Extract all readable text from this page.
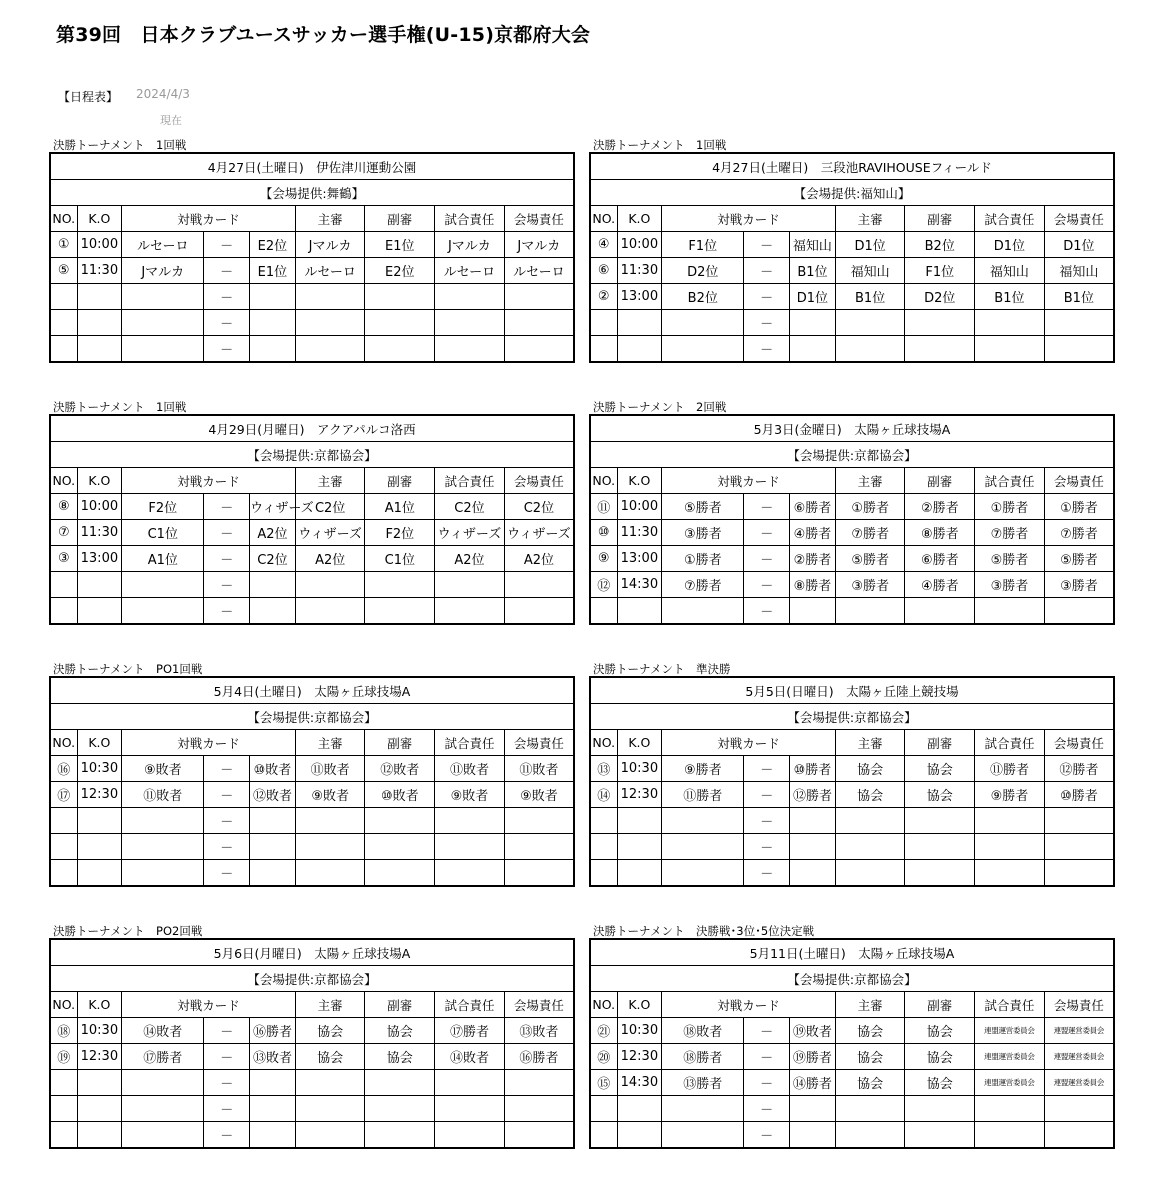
第39回　日本クラブユースサッカー選手権(U-15)京都府大会
【日程表】 2024/4/3
現在
決勝トーナメント　1回戦
4月27日(土曜日)　伊佐津川運動公園								
【会場提供:舞鶴】								
NO.	K.O	対戦カード			主審	副審	試合責任	会場責任
①	10:00	ルセーロ	－	E2位	Jマルカ	E1位	Jマルカ	Jマルカ
⑤	11:30	Jマルカ	－	E1位	ルセーロ	E2位	ルセーロ	ルセーロ
			－					
			－					
			－					
決勝トーナメント　1回戦
4月27日(土曜日)　三段池RAVIHOUSEフィールド								
【会場提供:福知山】								
NO.	K.O	対戦カード			主審	副審	試合責任	会場責任
④	10:00	F1位	－	福知山	D1位	B2位	D1位	D1位
⑥	11:30	D2位	－	B1位	福知山	F1位	福知山	福知山
②	13:00	B2位	－	D1位	B1位	D2位	B1位	B1位
			－					
			－					
決勝トーナメント　1回戦
4月29日(月曜日)　アクアパルコ洛西								
【会場提供:京都協会】								
NO.	K.O	対戦カード			主審	副審	試合責任	会場責任
⑧	10:00	F2位	－	ウィザーズ	C2位	A1位	C2位	C2位
⑦	11:30	C1位	－	A2位	ウィザーズ	F2位	ウィザーズ	ウィザーズ
③	13:00	A1位	－	C2位	A2位	C1位	A2位	A2位
			－					
			－					
決勝トーナメント　2回戦
5月3日(金曜日)　太陽ヶ丘球技場A								
【会場提供:京都協会】								
NO.	K.O	対戦カード			主審	副審	試合責任	会場責任
⑪	10:00	⑤勝者	－	⑥勝者	①勝者	②勝者	①勝者	①勝者
⑩	11:30	③勝者	－	④勝者	⑦勝者	⑧勝者	⑦勝者	⑦勝者
⑨	13:00	①勝者	－	②勝者	⑤勝者	⑥勝者	⑤勝者	⑤勝者
⑫	14:30	⑦勝者	－	⑧勝者	③勝者	④勝者	③勝者	③勝者
			－					
決勝トーナメント　PO1回戦
5月4日(土曜日)　太陽ヶ丘球技場A								
【会場提供:京都協会】								
NO.	K.O	対戦カード			主審	副審	試合責任	会場責任
⑯	10:30	⑨敗者	－	⑩敗者	⑪敗者	⑫敗者	⑪敗者	⑪敗者
⑰	12:30	⑪敗者	－	⑫敗者	⑨敗者	⑩敗者	⑨敗者	⑨敗者
			－					
			－					
			－					
決勝トーナメント　準決勝
5月5日(日曜日)　太陽ヶ丘陸上競技場								
【会場提供:京都協会】								
NO.	K.O	対戦カード			主審	副審	試合責任	会場責任
⑬	10:30	⑨勝者	－	⑩勝者	協会	協会	⑪勝者	⑫勝者
⑭	12:30	⑪勝者	－	⑫勝者	協会	協会	⑨勝者	⑩勝者
			－					
			－					
			－					
決勝トーナメント　PO2回戦
5月6日(月曜日)　太陽ヶ丘球技場A								
【会場提供:京都協会】								
NO.	K.O	対戦カード			主審	副審	試合責任	会場責任
⑱	10:30	⑭敗者	－	⑯勝者	協会	協会	⑰勝者	⑬敗者
⑲	12:30	⑰勝者	－	⑬敗者	協会	協会	⑭敗者	⑯勝者
			－					
			－					
			－					
決勝トーナメント　決勝戦･3位･5位決定戦
5月11日(土曜日)　太陽ヶ丘球技場A								
【会場提供:京都協会】								
NO.	K.O	対戦カード			主審	副審	試合責任	会場責任
㉑	10:30	⑱敗者	－	⑲敗者	協会	協会	連盟運営委員会	連盟運営委員会
⑳	12:30	⑱勝者	－	⑲勝者	協会	協会	連盟運営委員会	連盟運営委員会
⑮	14:30	⑬勝者	－	⑭勝者	協会	協会	連盟運営委員会	連盟運営委員会
			－					
			－					
